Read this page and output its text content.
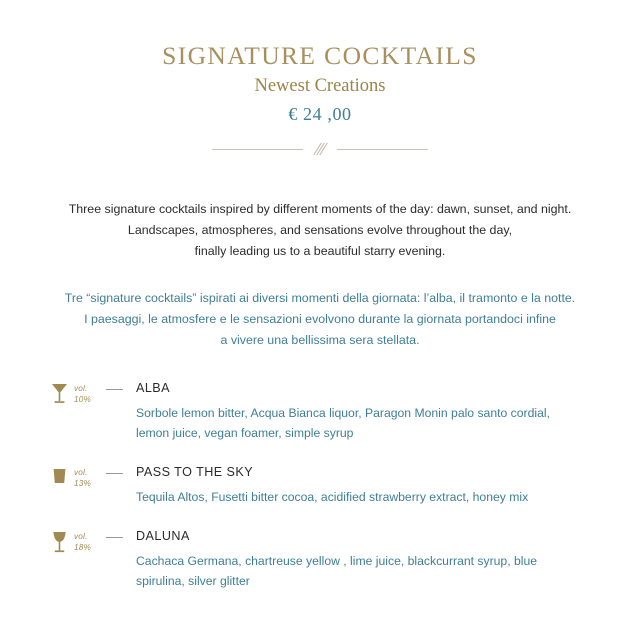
SIGNATURE COCKTAILS
Newest Creations
€ 24 ,00
Three signature cocktails inspired by different moments of the day: dawn, sunset, and night.
Landscapes, atmospheres, and sensations evolve throughout the day,
finally leading us to a beautiful starry evening.
Tre “signature cocktails” ispirati ai diversi momenti della giornata: l’alba, il tramonto e la notte.
I paesaggi, le atmosfere e le sensazioni evolvono durante la giornata portandoci infine
a vivere una bellissima sera stellata.
vol.
10%
ALBA
Sorbole lemon bitter, Acqua Bianca liquor, Paragon Monin palo santo cordial, lemon juice, vegan foamer, simple syrup
vol.
13%
PASS TO THE SKY
Tequila Altos, Fusetti bitter cocoa, acidified strawberry extract, honey mix
vol.
18%
DALUNA
Cachaca Germana, chartreuse yellow , lime juice, blackcurrant syrup, blue spirulina, silver glitter
